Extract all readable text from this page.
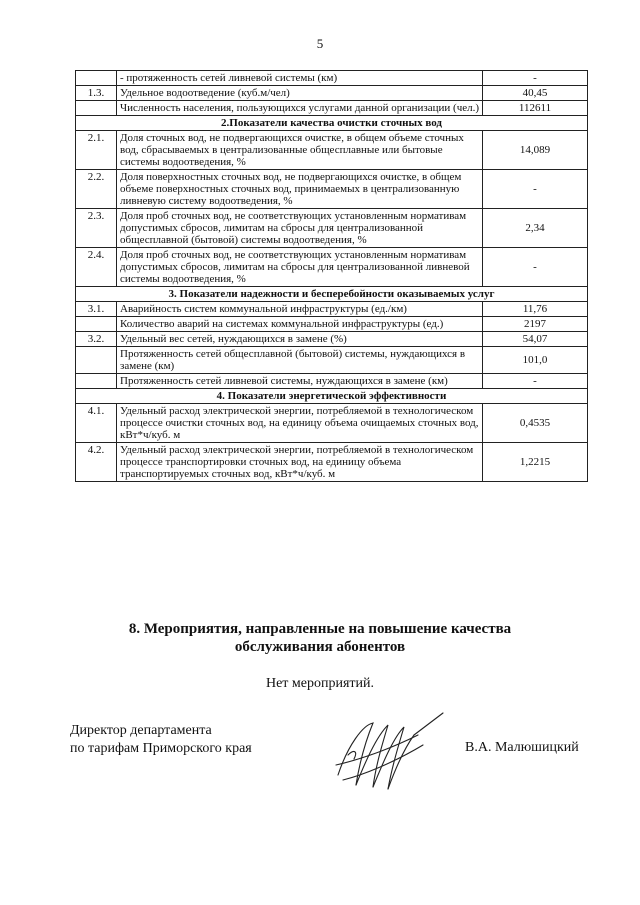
5
	- протяженность сетей ливневой системы (км)	-
1.3.	Удельное водоотведение (куб.м/чел)	40,45
	Численность населения, пользующихся услугами данной организации (чел.)	112611
2.Показатели качества очистки сточных вод		
2.1.	Доля сточных вод, не подвергающихся очистке, в общем объеме сточных вод, сбрасываемых в централизованные общесплавные или бытовые системы водоотведения, %	14,089
2.2.	Доля поверхностных сточных вод, не подвергающихся очистке, в общем объеме поверхностных сточных вод, принимаемых в централизованную ливневую систему водоотведения, %	-
2.3.	Доля проб сточных вод, не соответствующих установленным нормативам допустимых сбросов, лимитам на сбросы для централизованной общесплавной (бытовой) системы водоотведения, %	2,34
2.4.	Доля проб сточных вод, не соответствующих установленным нормативам допустимых сбросов, лимитам на сбросы для централизованной ливневой системы водоотведения, %	-
3. Показатели надежности и бесперебойности оказываемых услуг		
3.1.	Аварийность систем коммунальной инфраструктуры (ед./км)	11,76
	Количество аварий на системах коммунальной инфраструктуры (ед.)	2197
3.2.	Удельный вес сетей, нуждающихся в замене (%)	54,07
	Протяженность сетей общесплавной (бытовой) системы, нуждающихся в замене (км)	101,0
	Протяженность сетей ливневой системы, нуждающихся в замене (км)	-
4. Показатели энергетической эффективности		
4.1.	Удельный расход электрической энергии, потребляемой в технологическом процессе очистки сточных вод, на единицу объема очищаемых сточных вод, кВт*ч/куб. м	0,4535
4.2.	Удельный расход электрической энергии, потребляемой в технологическом процессе транспортировки сточных вод, на единицу объема транспортируемых сточных вод, кВт*ч/куб. м	1,2215
8. Мероприятия, направленные на повышение качества
обслуживания абонентов
Нет мероприятий.
Директор департамента
по тарифам Приморского края	В.А. Малюшицкий
